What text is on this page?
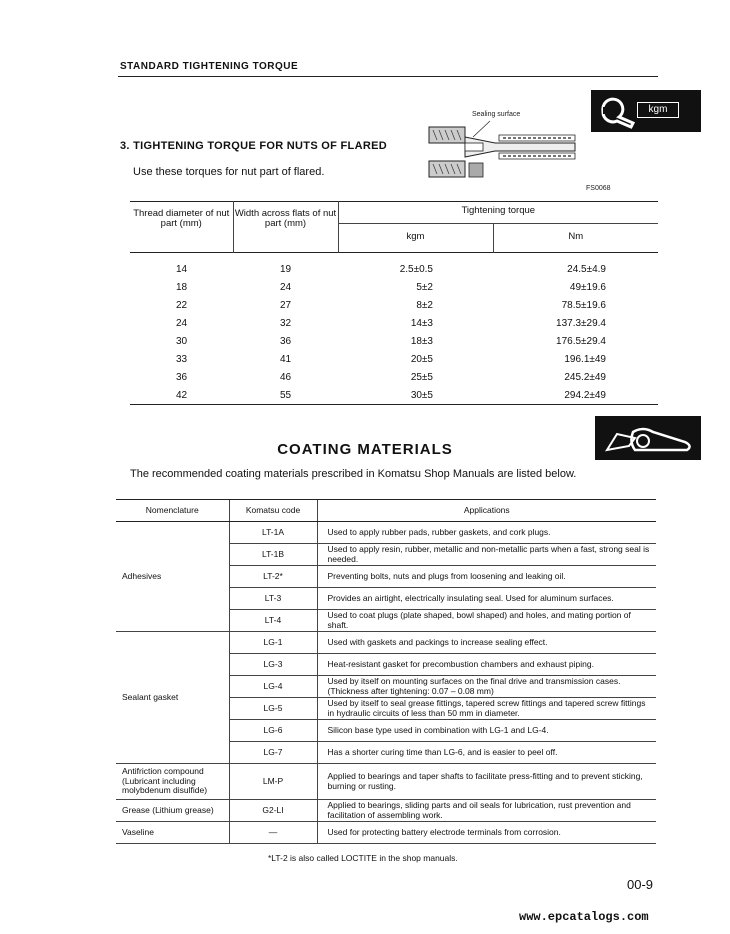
STANDARD TIGHTENING TORQUE
kgm
3. TIGHTENING TORQUE FOR NUTS OF FLARED
Use these torques for nut part of flared.
Sealing surface
FS0068
Thread diameter of nut part (mm)	Width across flats of nut part (mm)	Tightening torque	
		kgm	Nm

14	19	2.5±0.5	24.5±4.9
18	24	5±2	49±19.6
22	27	8±2	78.5±19.6
24	32	14±3	137.3±29.4
30	36	18±3	176.5±29.4
33	41	20±5	196.1±49
36	46	25±5	245.2±49
42	55	30±5	294.2±49
COATING MATERIALS
The recommended coating materials prescribed in Komatsu Shop Manuals are listed below.
Nomenclature	Komatsu code	Applications
Adhesives	LT-1A	Used to apply rubber pads, rubber gaskets, and cork plugs.
	LT-1B	Used to apply resin, rubber, metallic and non-metallic parts when a fast, strong seal is needed.
	LT-2*	Preventing bolts, nuts and plugs from loosening and leaking oil.
	LT-3	Provides an airtight, electrically insulating seal. Used for aluminum surfaces.
	LT-4	Used to coat plugs (plate shaped, bowl shaped) and holes, and mating portion of shaft.
Sealant gasket	LG-1	Used with gaskets and packings to increase sealing effect.
	LG-3	Heat-resistant gasket for precombustion chambers and exhaust piping.
	LG-4	Used by itself on mounting surfaces on the final drive and transmission cases. (Thickness after tightening: 0.07 – 0.08 mm)
	LG-5	Used by itself to seal grease fittings, tapered screw fittings and tapered screw fittings in hydraulic circuits of less than 50 mm in diameter.
	LG-6	Silicon base type used in combination with LG-1 and LG-4.
	LG-7	Has a shorter curing time than LG-6, and is easier to peel off.
Antifriction compound (Lubricant including molybdenum disulfide)	LM-P	Applied to bearings and taper shafts to facilitate press-fitting and to prevent sticking, burning or rusting.
Grease (Lithium grease)	G2-LI	Applied to bearings, sliding parts and oil seals for lubrication, rust prevention and facilitation of assembling work.
Vaseline	—	Used for protecting battery electrode terminals from corrosion.
*LT-2 is also called LOCTITE in the shop manuals.
00-9
www.epcatalogs.com
